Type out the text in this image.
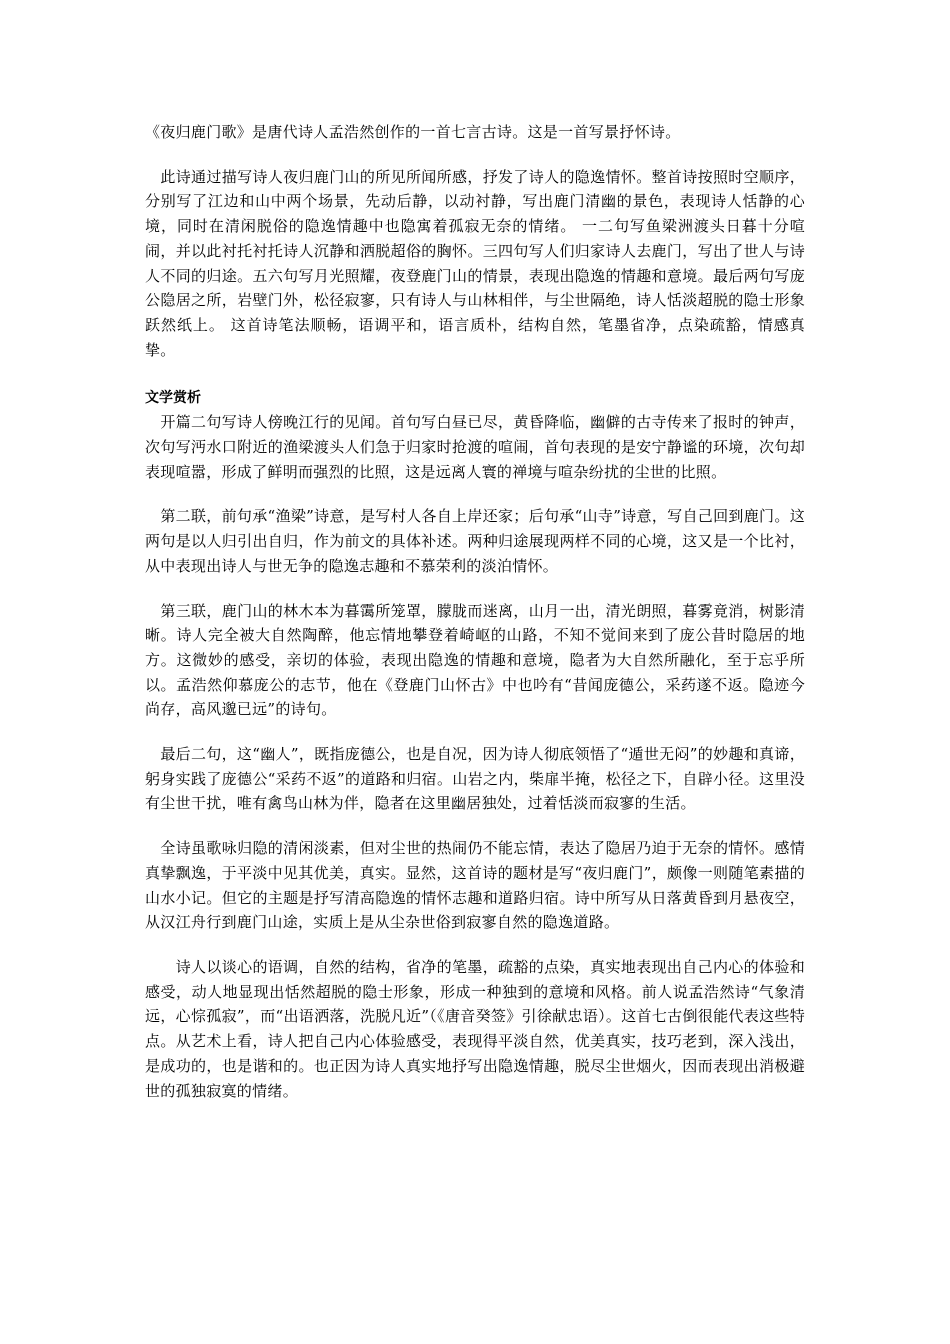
《夜归鹿门歌》是唐代诗人孟浩然创作的一首七言古诗。这是一首写景抒怀诗。

　此诗通过描写诗人夜归鹿门山的所见所闻所感，抒发了诗人的隐逸情怀。整首诗按照时空顺序，分别写了江边和山中两个场景，先动后静，以动衬静，写出鹿门清幽的景色，表现诗人恬静的心境，同时在清闲脱俗的隐逸情趣中也隐寓着孤寂无奈的情绪。 一二句写鱼梁洲渡头日暮十分喧闹，并以此衬托衬托诗人沉静和洒脱超俗的胸怀。三四句写人们归家诗人去鹿门，写出了世人与诗人不同的归途。五六句写月光照耀，夜登鹿门山的情景，表现出隐逸的情趣和意境。最后两句写庞公隐居之所，岩壁门外，松径寂寥，只有诗人与山林相伴，与尘世隔绝，诗人恬淡超脱的隐士形象跃然纸上。 这首诗笔法顺畅，语调平和，语言质朴，结构自然，笔墨省净，点染疏豁，情感真挚。

文学赏析

　开篇二句写诗人傍晚江行的见闻。首句写白昼已尽，黄昏降临，幽僻的古寺传来了报时的钟声，次句写沔水口附近的渔梁渡头人们急于归家时抢渡的喧闹，首句表现的是安宁静谧的环境，次句却表现喧嚣，形成了鲜明而强烈的比照，这是远离人寰的禅境与喧杂纷扰的尘世的比照。

　第二联，前句承“渔梁”诗意，是写村人各自上岸还家；后句承“山寺”诗意，写自己回到鹿门。这两句是以人归引出自归，作为前文的具体补述。两种归途展现两样不同的心境，这又是一个比衬，从中表现出诗人与世无争的隐逸志趣和不慕荣利的淡泊情怀。

　第三联，鹿门山的林木本为暮霭所笼罩，朦胧而迷离，山月一出，清光朗照，暮雾竟消，树影清晰。诗人完全被大自然陶醉，他忘情地攀登着崎岖的山路，不知不觉间来到了庞公昔时隐居的地方。这微妙的感受，亲切的体验，表现出隐逸的情趣和意境，隐者为大自然所融化，至于忘乎所以。孟浩然仰慕庞公的志节，他在《登鹿门山怀古》中也吟有“昔闻庞德公，采药遂不返。隐迹今尚存，高风邈已远”的诗句。

　最后二句，这“幽人”，既指庞德公，也是自况，因为诗人彻底领悟了“遁世无闷”的妙趣和真谛，躬身实践了庞德公“采药不返”的道路和归宿。山岩之内，柴扉半掩，松径之下，自辟小径。这里没有尘世干扰，唯有禽鸟山林为伴，隐者在这里幽居独处，过着恬淡而寂寥的生活。

　全诗虽歌咏归隐的清闲淡素，但对尘世的热闹仍不能忘情，表达了隐居乃迫于无奈的情怀。感情真挚飘逸，于平淡中见其优美，真实。显然，这首诗的题材是写“夜归鹿门”，颇像一则随笔素描的山水小记。但它的主题是抒写清高隐逸的情怀志趣和道路归宿。诗中所写从日落黄昏到月悬夜空，从汉江舟行到鹿门山途，实质上是从尘杂世俗到寂寥自然的隐逸道路。

　　诗人以谈心的语调，自然的结构，省净的笔墨，疏豁的点染，真实地表现出自己内心的体验和感受，动人地显现出恬然超脱的隐士形象，形成一种独到的意境和风格。前人说孟浩然诗“气象清远，心悰孤寂”，而“出语洒落，洗脱凡近”（《唐音癸签》引徐献忠语）。这首七古倒很能代表这些特点。从艺术上看，诗人把自己内心体验感受，表现得平淡自然，优美真实，技巧老到，深入浅出，是成功的，也是谐和的。也正因为诗人真实地抒写出隐逸情趣，脱尽尘世烟火，因而表现出消极避世的孤独寂寞的情绪。
